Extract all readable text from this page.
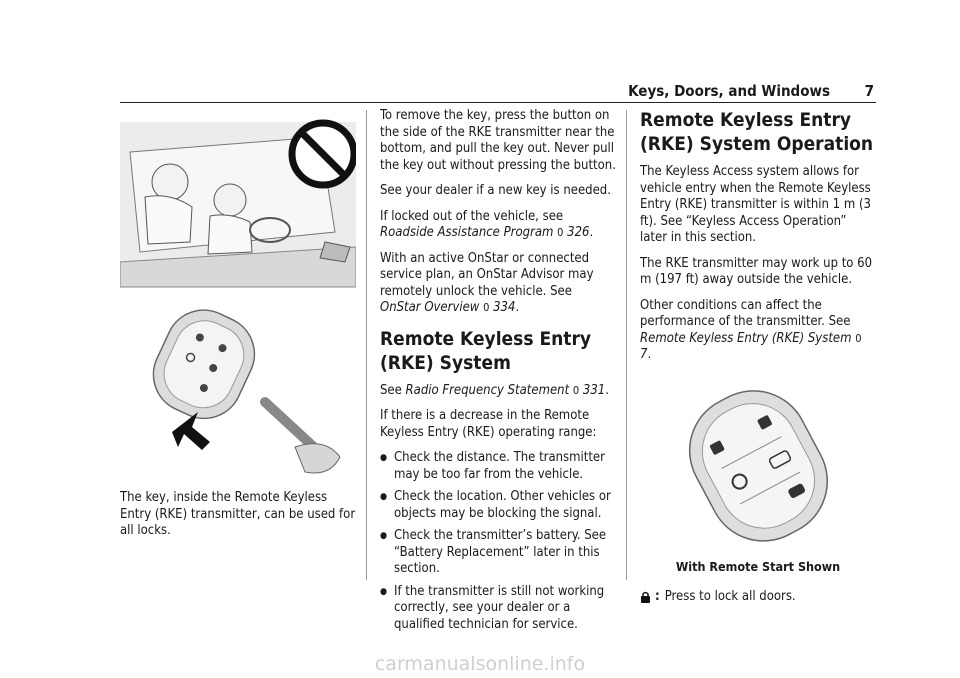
Keys, Doors, and Windows 7

The key, inside the Remote Keyless Entry (RKE) transmitter, can be used for all locks.

To remove the key, press the button on the side of the RKE transmitter near the bottom, and pull the key out. Never pull the key out without pressing the button.

See your dealer if a new key is needed.

If locked out of the vehicle, see Roadside Assistance Program 0 326.

With an active OnStar or connected service plan, an OnStar Advisor may remotely unlock the vehicle. See OnStar Overview 0 334.

Remote Keyless Entry (RKE) System

See Radio Frequency Statement 0 331.

If there is a decrease in the Remote Keyless Entry (RKE) operating range:

● Check the distance. The transmitter may be too far from the vehicle.
● Check the location. Other vehicles or objects may be blocking the signal.
● Check the transmitter’s battery. See “Battery Replacement” later in this section.
● If the transmitter is still not working correctly, see your dealer or a qualified technician for service.
Remote Keyless Entry (RKE) System Operation

The Keyless Access system allows for vehicle entry when the Remote Keyless Entry (RKE) transmitter is within 1 m (3 ft). See “Keyless Access Operation” later in this section.

The RKE transmitter may work up to 60 m (197 ft) away outside the vehicle.

Other conditions can affect the performance of the transmitter. See Remote Keyless Entry (RKE) System 0 7.

With Remote Start Shown
: Press to lock all doors.
carmanualsonline.info
